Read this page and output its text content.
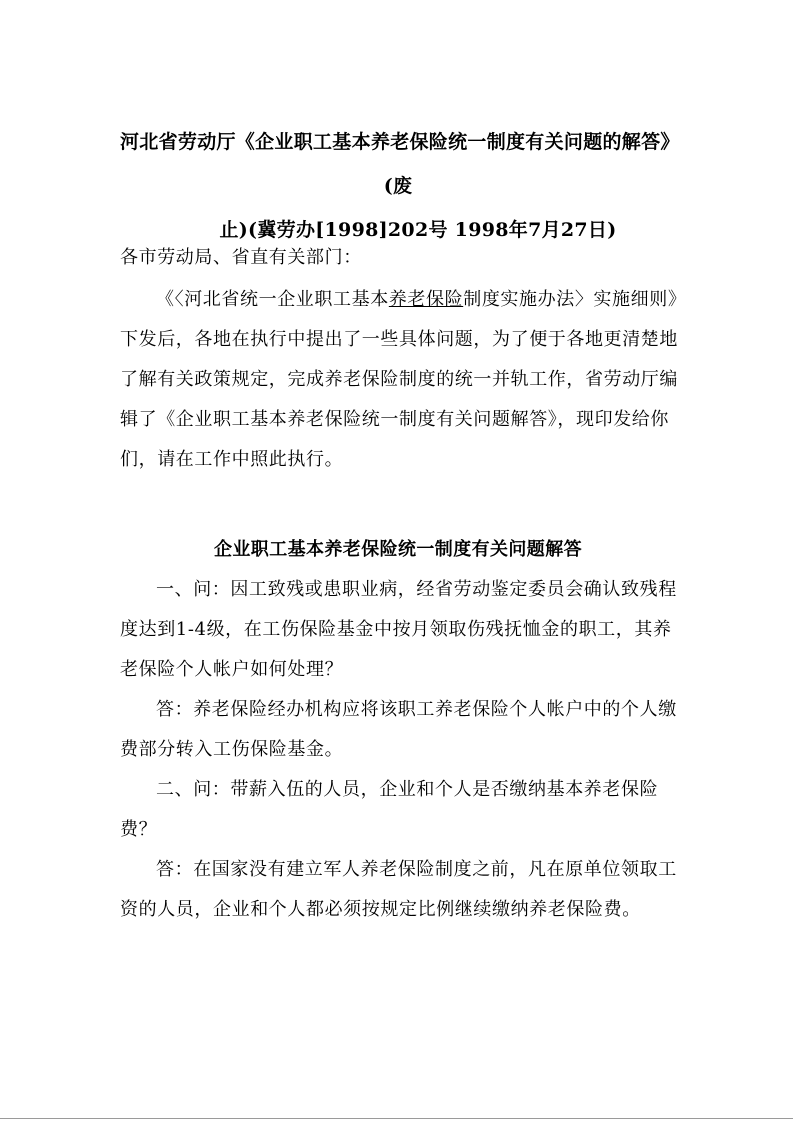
河北省劳动厅《企业职工基本养老保险统一制度有关问题的解答》(废
止)(冀劳办[1998]202号 1998年7月27日)
各市劳动局、省直有关部门：
《〈河北省统一企业职工基本养老保险制度实施办法〉实施细则》
下发后，各地在执行中提出了一些具体问题，为了便于各地更清楚地
了解有关政策规定，完成养老保险制度的统一并轨工作，省劳动厅编
辑了《企业职工基本养老保险统一制度有关问题解答》，现印发给你
们，请在工作中照此执行。
企业职工基本养老保险统一制度有关问题解答
一、问：因工致残或患职业病，经省劳动鉴定委员会确认致残程
度达到1-4级，在工伤保险基金中按月领取伤残抚恤金的职工，其养
老保险个人帐户如何处理？
答：养老保险经办机构应将该职工养老保险个人帐户中的个人缴
费部分转入工伤保险基金。
二、问：带薪入伍的人员，企业和个人是否缴纳基本养老保险
费？
答：在国家没有建立军人养老保险制度之前，凡在原单位领取工
资的人员，企业和个人都必须按规定比例继续缴纳养老保险费。
